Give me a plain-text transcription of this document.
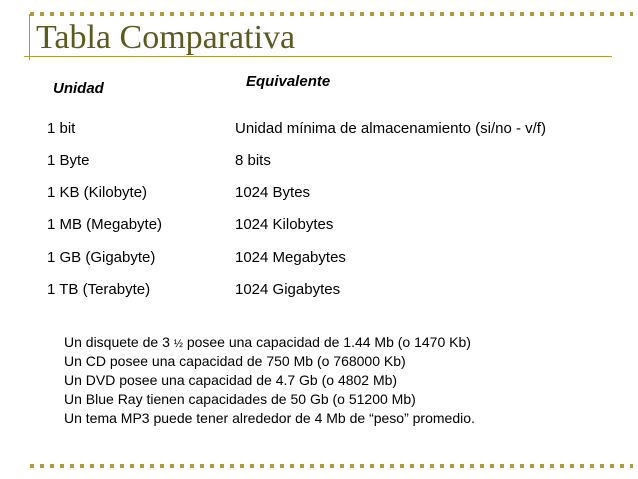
Tabla Comparativa
Unidad	Equivalente
1 bit	Unidad mínima de almacenamiento (si/no - v/f)
1 Byte	8 bits
1 KB (Kilobyte)	1024 Bytes
1 MB (Megabyte)	1024 Kilobytes
1 GB (Gigabyte)	1024 Megabytes
1 TB (Terabyte)	1024 Gigabytes
Un disquete de 3 ½ posee una capacidad de 1.44 Mb (o 1470 Kb)
Un CD posee una capacidad de 750 Mb (o 768000 Kb)
Un DVD posee una capacidad de 4.7 Gb (o 4802 Mb)
Un Blue Ray tienen capacidades de 50 Gb (o 51200 Mb)
Un tema MP3 puede tener alrededor de 4 Mb de “peso” promedio.
